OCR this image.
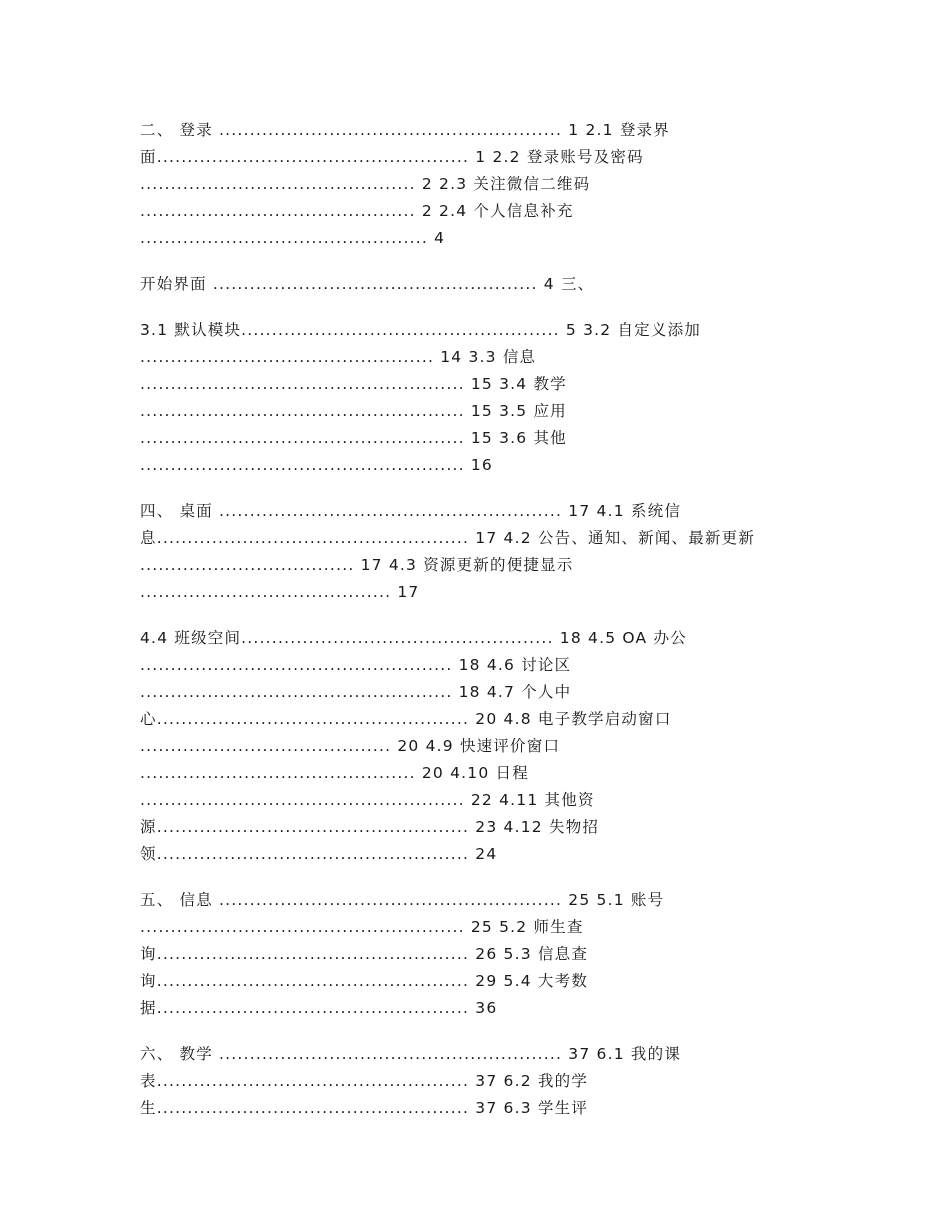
二、 登录 ........................................................ 1 2.1 登录界
面................................................... 1 2.2 登录账号及密码
............................................. 2 2.3 关注微信二维码
............................................. 2 2.4 个人信息补充
............................................... 4
开始界面 ..................................................... 4 三、
3.1 默认模块.................................................... 5 3.2 自定义添加
................................................ 14 3.3 信息
..................................................... 15 3.4 教学
..................................................... 15 3.5 应用
..................................................... 15 3.6 其他
..................................................... 16
四、 桌面 ........................................................ 17 4.1 系统信
息................................................... 17 4.2 公告、通知、新闻、最新更新
................................... 17 4.3 资源更新的便捷显示
......................................... 17
4.4 班级空间................................................... 18 4.5 OA 办公
................................................... 18 4.6 讨论区
................................................... 18 4.7 个人中
心................................................... 20 4.8 电子教学启动窗口
......................................... 20 4.9 快速评价窗口
............................................. 20 4.10 日程
..................................................... 22 4.11 其他资
源................................................... 23 4.12 失物招
领................................................... 24
五、 信息 ........................................................ 25 5.1 账号
..................................................... 25 5.2 师生查
询................................................... 26 5.3 信息查
询................................................... 29 5.4 大考数
据................................................... 36
六、 教学 ........................................................ 37 6.1 我的课
表................................................... 37 6.2 我的学
生................................................... 37 6.3 学生评
